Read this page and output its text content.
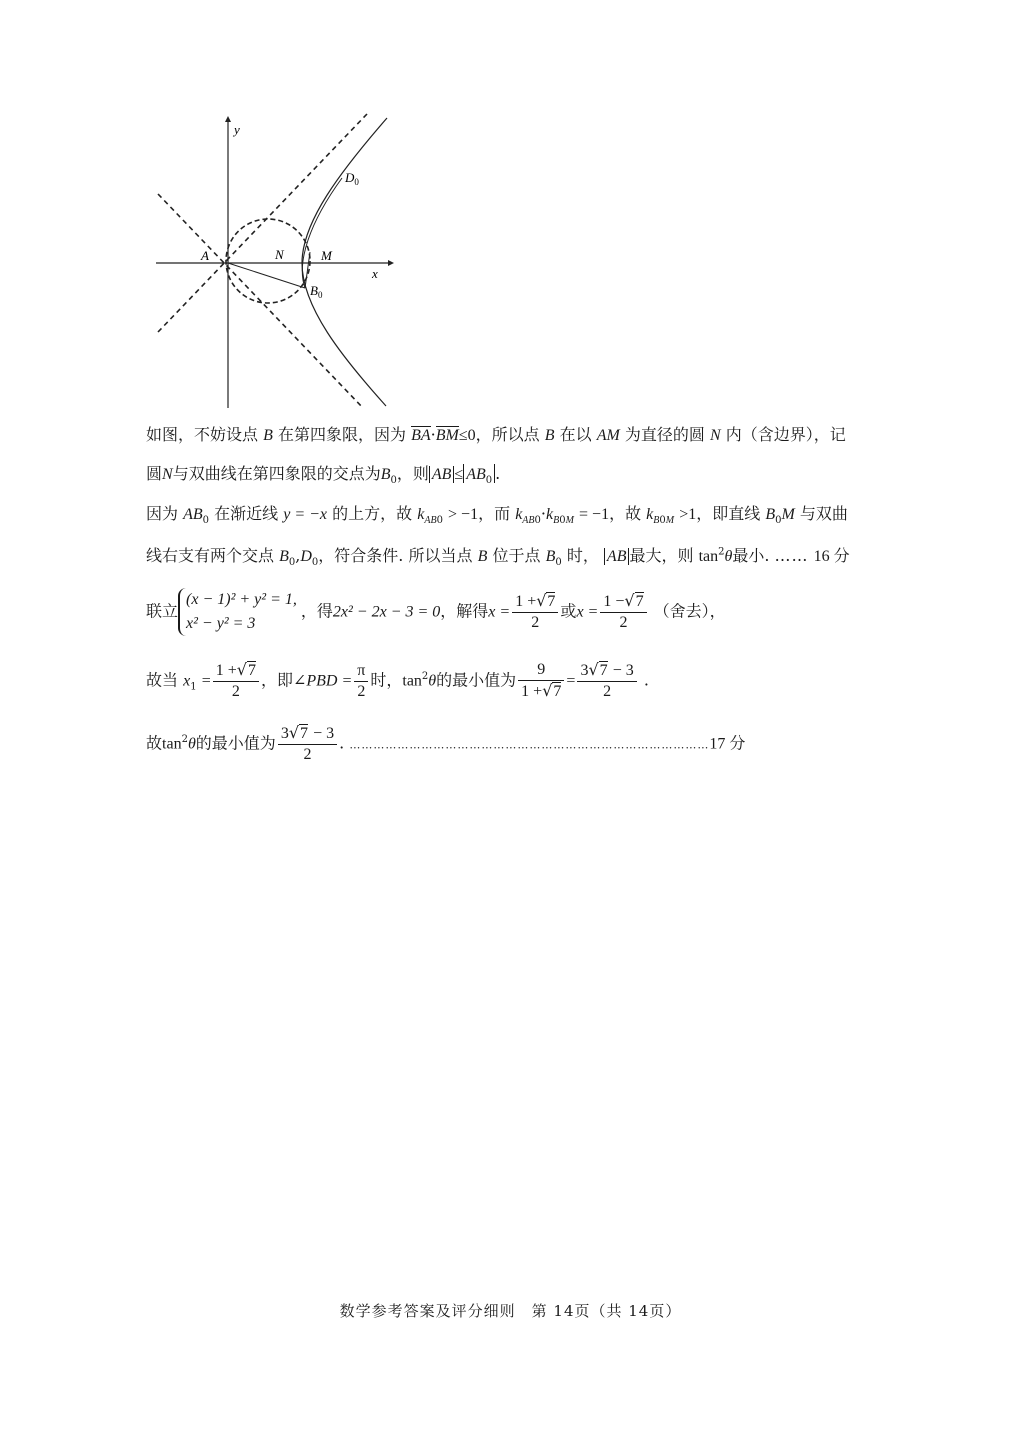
y
x
A	N	M
$B_0$
$D_0$
如图，不妨设点 B 在第四象限，因为 BA·BM≤0，所以点 B 在以 AM 为直径的圆 N 内（含边界），记
圆N与双曲线在第四象限的交点为$B_0$，则 AB ≤ $AB_0$ .
因为 $AB_0$ 在渐近线 y = −x 的上方，故 $k_{AB0} > -1$，而 $k_{AB0}\cdot k_{B0M} = -1$，故 $k_{B0M} >1$，即直线 $B_0M$ 与双曲
线右支有两个交点 $B_0,D_0$，符合条件. 所以当点 B 位于点 $B_0$ 时， AB 最大，则 $\tan^2\theta$最小. …… 16 分
联立
(x − 1)² + y² = 1,
x² − y² = 3
，得2x² − 2x − 3 = 0，解得$x = \frac{1 +√7}{2}$ 或$x = \frac{1 -√7}{2}$ （舍去），
故当 $x_1 = \frac{1 +√7}{2}$ ，即∠PBD = $\frac{\pi}{2}$ 时，$\tan^2\theta$的最小值为 $\frac{9}{1 +√7} = \frac{3√7 - 3}{2}$ .
故$\tan^2\theta$的最小值为 $\frac{3√7 - 3}{2}$ . ………………………………………………………………………………17 分
数学参考答案及评分细则　第 14页（共 14页）
